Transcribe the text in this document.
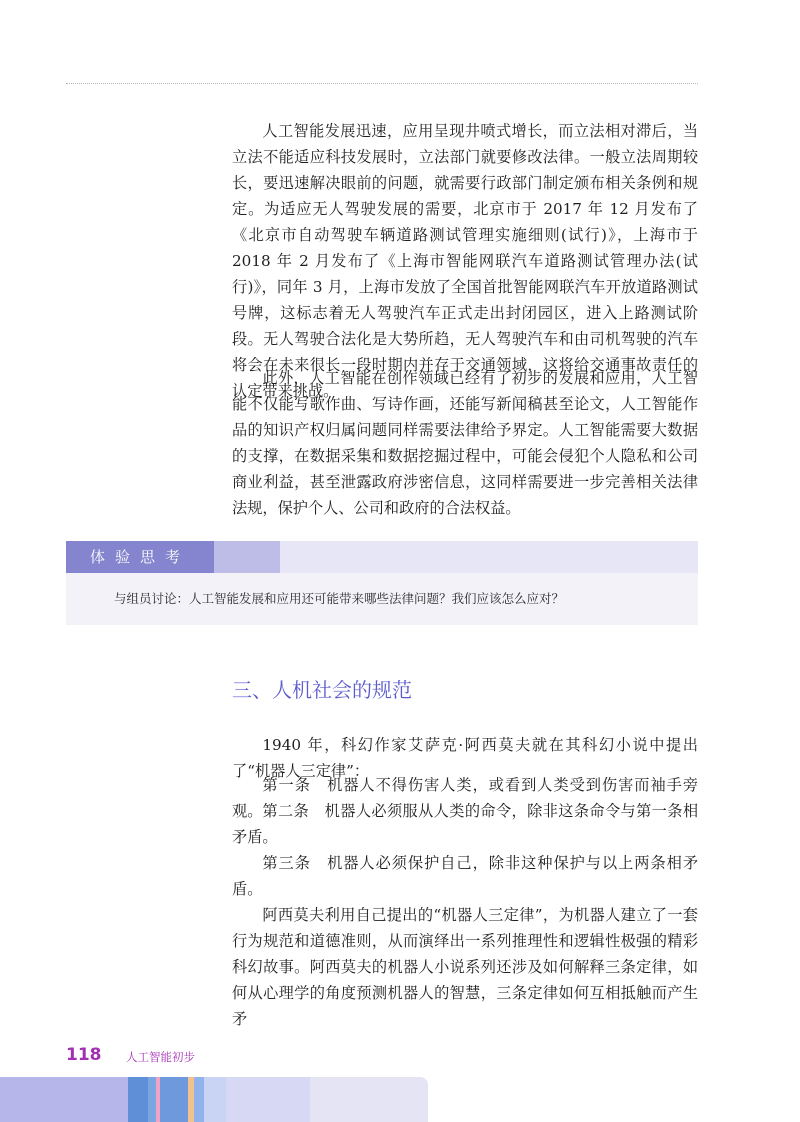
人工智能发展迅速，应用呈现井喷式增长，而立法相对滞后，当立法不能适应科技发展时，立法部门就要修改法律。一般立法周期较长，要迅速解决眼前的问题，就需要行政部门制定颁布相关条例和规定。为适应无人驾驶发展的需要，北京市于 2017 年 12 月发布了《北京市自动驾驶车辆道路测试管理实施细则(试行)》，上海市于 2018 年 2 月发布了《上海市智能网联汽车道路测试管理办法(试行)》，同年 3 月，上海市发放了全国首批智能网联汽车开放道路测试号牌，这标志着无人驾驶汽车正式走出封闭园区，进入上路测试阶段。无人驾驶合法化是大势所趋，无人驾驶汽车和由司机驾驶的汽车将会在未来很长一段时期内并存于交通领域，这将给交通事故责任的认定带来挑战。

此外，人工智能在创作领域已经有了初步的发展和应用，人工智能不仅能写歌作曲、写诗作画，还能写新闻稿甚至论文，人工智能作品的知识产权归属问题同样需要法律给予界定。人工智能需要大数据的支撑，在数据采集和数据挖掘过程中，可能会侵犯个人隐私和公司商业利益，甚至泄露政府涉密信息，这同样需要进一步完善相关法律法规，保护个人、公司和政府的合法权益。

体验思考

与组员讨论：人工智能发展和应用还可能带来哪些法律问题？我们应该怎么应对？

三、人机社会的规范

1940 年，科幻作家艾萨克·阿西莫夫就在其科幻小说中提出了“机器人三定律”：

第一条　机器人不得伤害人类，或看到人类受到伤害而袖手旁观。 第二条　机器人必须服从人类的命令，除非这条命令与第一条相矛盾。

第三条　机器人必须保护自己，除非这种保护与以上两条相矛盾。

阿西莫夫利用自己提出的“机器人三定律”，为机器人建立了一套行为规范和道德准则，从而演绎出一系列推理性和逻辑性极强的精彩科幻故事。阿西莫夫的机器人小说系列还涉及如何解释三条定律，如何从心理学的角度预测机器人的智慧，三条定律如何互相抵触而产生矛

118 人工智能初步
